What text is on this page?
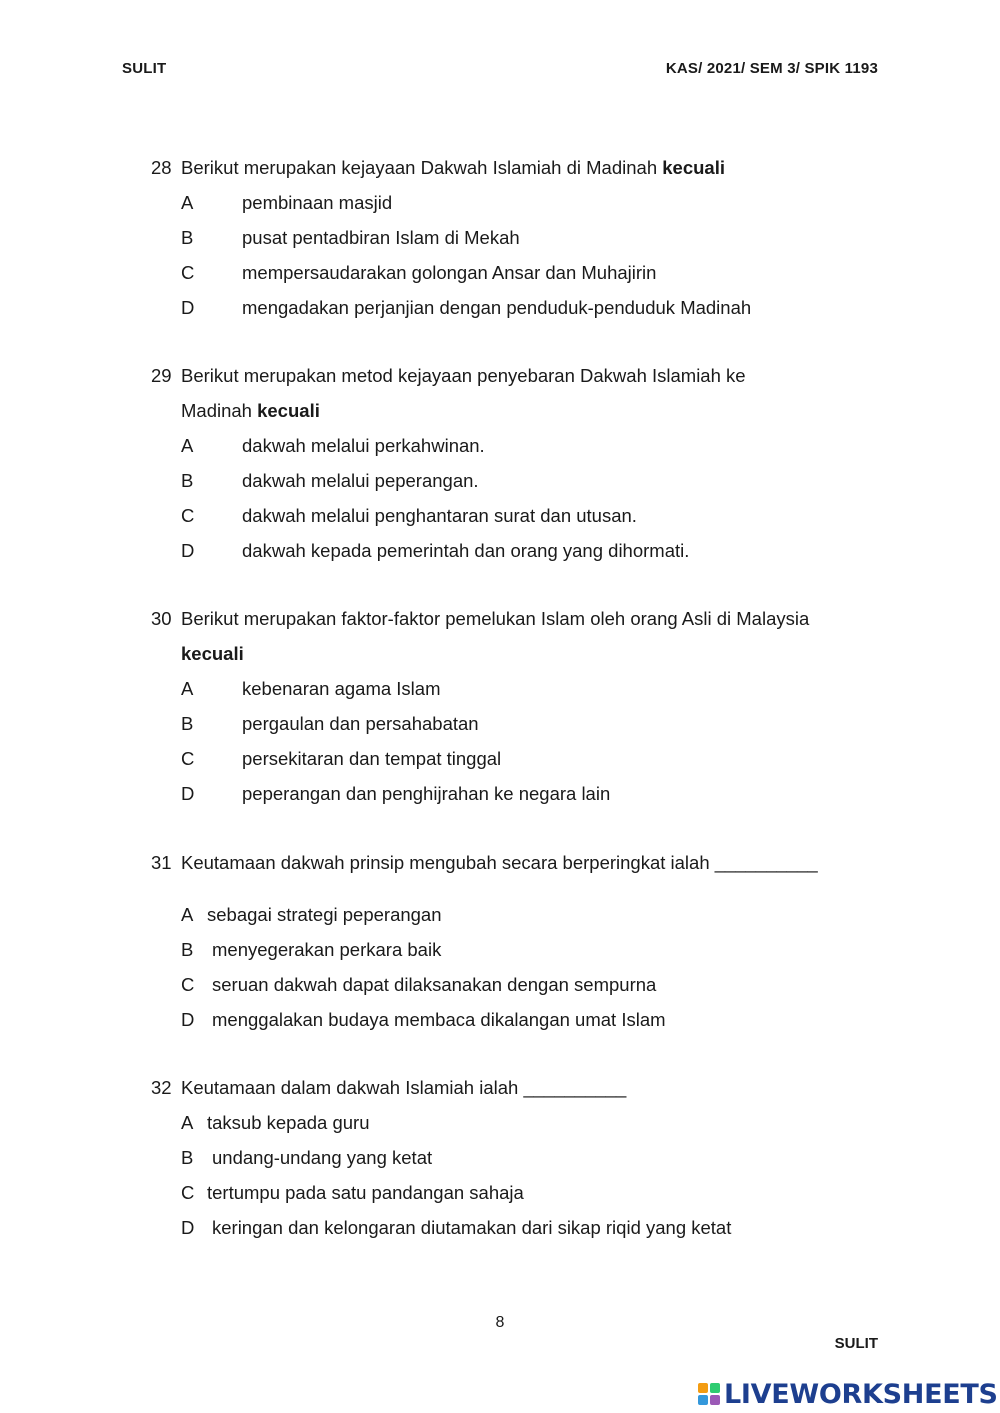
SULIT	KAS/ 2021/ SEM 3/ SPIK 1193
28 Berikut merupakan kejayaan Dakwah Islamiah di Madinah kecuali
A	pembinaan masjid
B	pusat pentadbiran Islam di Mekah
C	mempersaudarakan golongan Ansar dan Muhajirin
D	mengadakan perjanjian dengan penduduk-penduduk Madinah
29 Berikut merupakan metod kejayaan penyebaran Dakwah Islamiah ke
Madinah kecuali
A	dakwah melalui perkahwinan.
B	dakwah melalui peperangan.
C	dakwah melalui penghantaran surat dan utusan.
D	dakwah kepada pemerintah dan orang yang dihormati.
30 Berikut merupakan faktor-faktor pemelukan Islam oleh orang Asli di Malaysia
kecuali
A	kebenaran agama Islam
B	pergaulan dan persahabatan
C	persekitaran dan tempat tinggal
D	peperangan dan penghijrahan ke negara lain
31 Keutamaan dakwah prinsip mengubah secara berperingkat ialah __________
A sebagai strategi peperangan
B	menyegerakan perkara baik
C seruan dakwah dapat dilaksanakan dengan sempurna
D menggalakan budaya membaca dikalangan umat Islam
32 Keutamaan dalam dakwah Islamiah ialah __________
A taksub kepada guru
B	undang-undang yang ketat
C tertumpu pada satu pandangan sahaja
D keringan dan kelongaran diutamakan dari sikap riqid yang ketat
8
SULIT
LIVEWORKSHEETS
